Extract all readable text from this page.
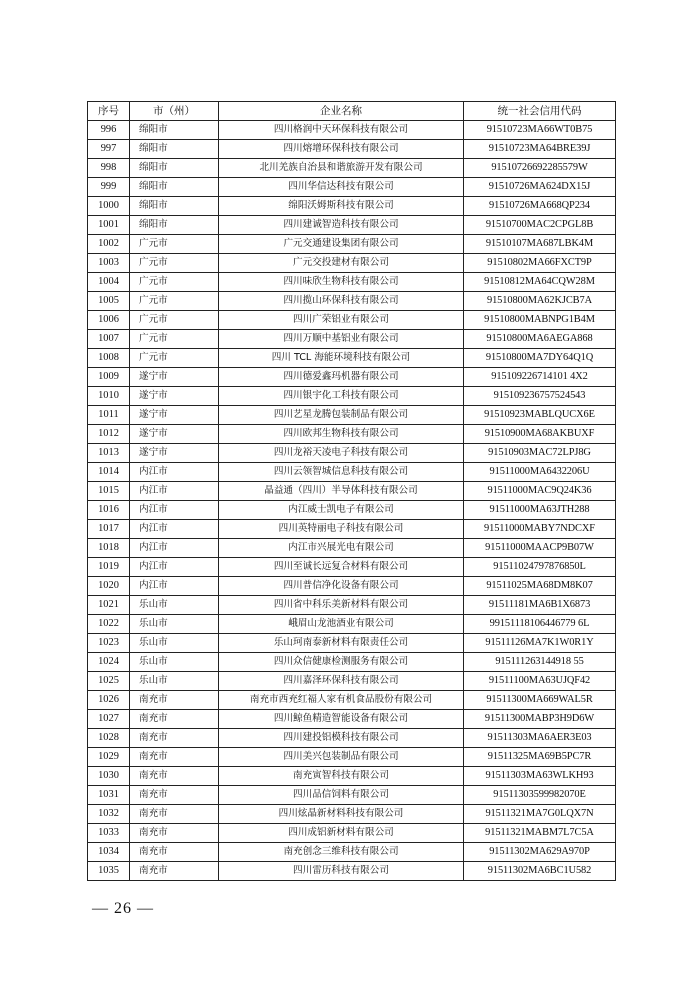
序号	市（州）	企业名称	统一社会信用代码
996	绵阳市	四川格润中天环保科技有限公司	91510723MA66WT0B75
997	绵阳市	四川熔增环保科技有限公司	91510723MA64BRE39J
998	绵阳市	北川羌族自治县和谐旅游开发有限公司	91510726692285579W
999	绵阳市	四川华信达科技有限公司	91510726MA624DX15J
1000	绵阳市	绵阳沃姆斯科技有限公司	91510726MA668QP234
1001	绵阳市	四川建诚智造科技有限公司	91510700MAC2CPGL8B
1002	广元市	广元交通建设集团有限公司	91510107MA687LBK4M
1003	广元市	广元交投建材有限公司	91510802MA66FXCT9P
1004	广元市	四川味欣生物科技有限公司	91510812MA64CQW28M
1005	广元市	四川揽山环保科技有限公司	91510800MA62KJCB7A
1006	广元市	四川广荣铝业有限公司	91510800MABNPG1B4M
1007	广元市	四川万顺中基铝业有限公司	91510800MA6AEGA868
1008	广元市	四川 TCL 海能环境科技有限公司	91510800MA7DY64Q1Q
1009	遂宁市	四川德爱鑫玛机器有限公司	915109226714101 4X2
1010	遂宁市	四川银宇化工科技有限公司	915109236757524543
1011	遂宁市	四川艺星龙腾包装制品有限公司	91510923MABLQUCX6E
1012	遂宁市	四川欧邦生物科技有限公司	91510900MA68AKBUXF
1013	遂宁市	四川龙裕天凌电子科技有限公司	91510903MAC72LPJ8G
1014	内江市	四川云领智城信息科技有限公司	91511000MA6432206U
1015	内江市	晶益通（四川）半导体科技有限公司	91511000MAC9Q24K36
1016	内江市	内江威士凯电子有限公司	91511000MA63JTH288
1017	内江市	四川英特丽电子科技有限公司	91511000MABY7NDCXF
1018	内江市	内江市兴展光电有限公司	91511000MAACP9B07W
1019	内江市	四川至诚长远复合材料有限公司	91511024797876850L
1020	内江市	四川普信净化设备有限公司	91511025MA68DM8K07
1021	乐山市	四川省中科乐美新材料有限公司	91511181MA6B1X6873
1022	乐山市	峨眉山龙池酒业有限公司	99151118106446779 6L
1023	乐山市	乐山珂南泰新材料有限责任公司	91511126MA7K1W0R1Y
1024	乐山市	四川众信健康检测服务有限公司	915111263144918 55
1025	乐山市	四川嘉泽环保科技有限公司	91511100MA63UJQF42
1026	南充市	南充市西充红福人家有机食品股份有限公司	91511300MA669WAL5R
1027	南充市	四川鲸鱼精造智能设备有限公司	91511300MABP3H9D6W
1028	南充市	四川建投铝模科技有限公司	91511303MA6AER3E03
1029	南充市	四川美兴包装制品有限公司	91511325MA69B5PC7R
1030	南充市	南充寅智科技有限公司	91511303MA63WLKH93
1031	南充市	四川品信饲料有限公司	91511303599982070E
1032	南充市	四川炫晶新材料科技有限公司	91511321MA7G0LQX7N
1033	南充市	四川成铝新材料有限公司	91511321MABM7L7C5A
1034	南充市	南充创念三维科技有限公司	91511302MA629A970P
1035	南充市	四川雷历科技有限公司	91511302MA6BC1U582
— 26 —
